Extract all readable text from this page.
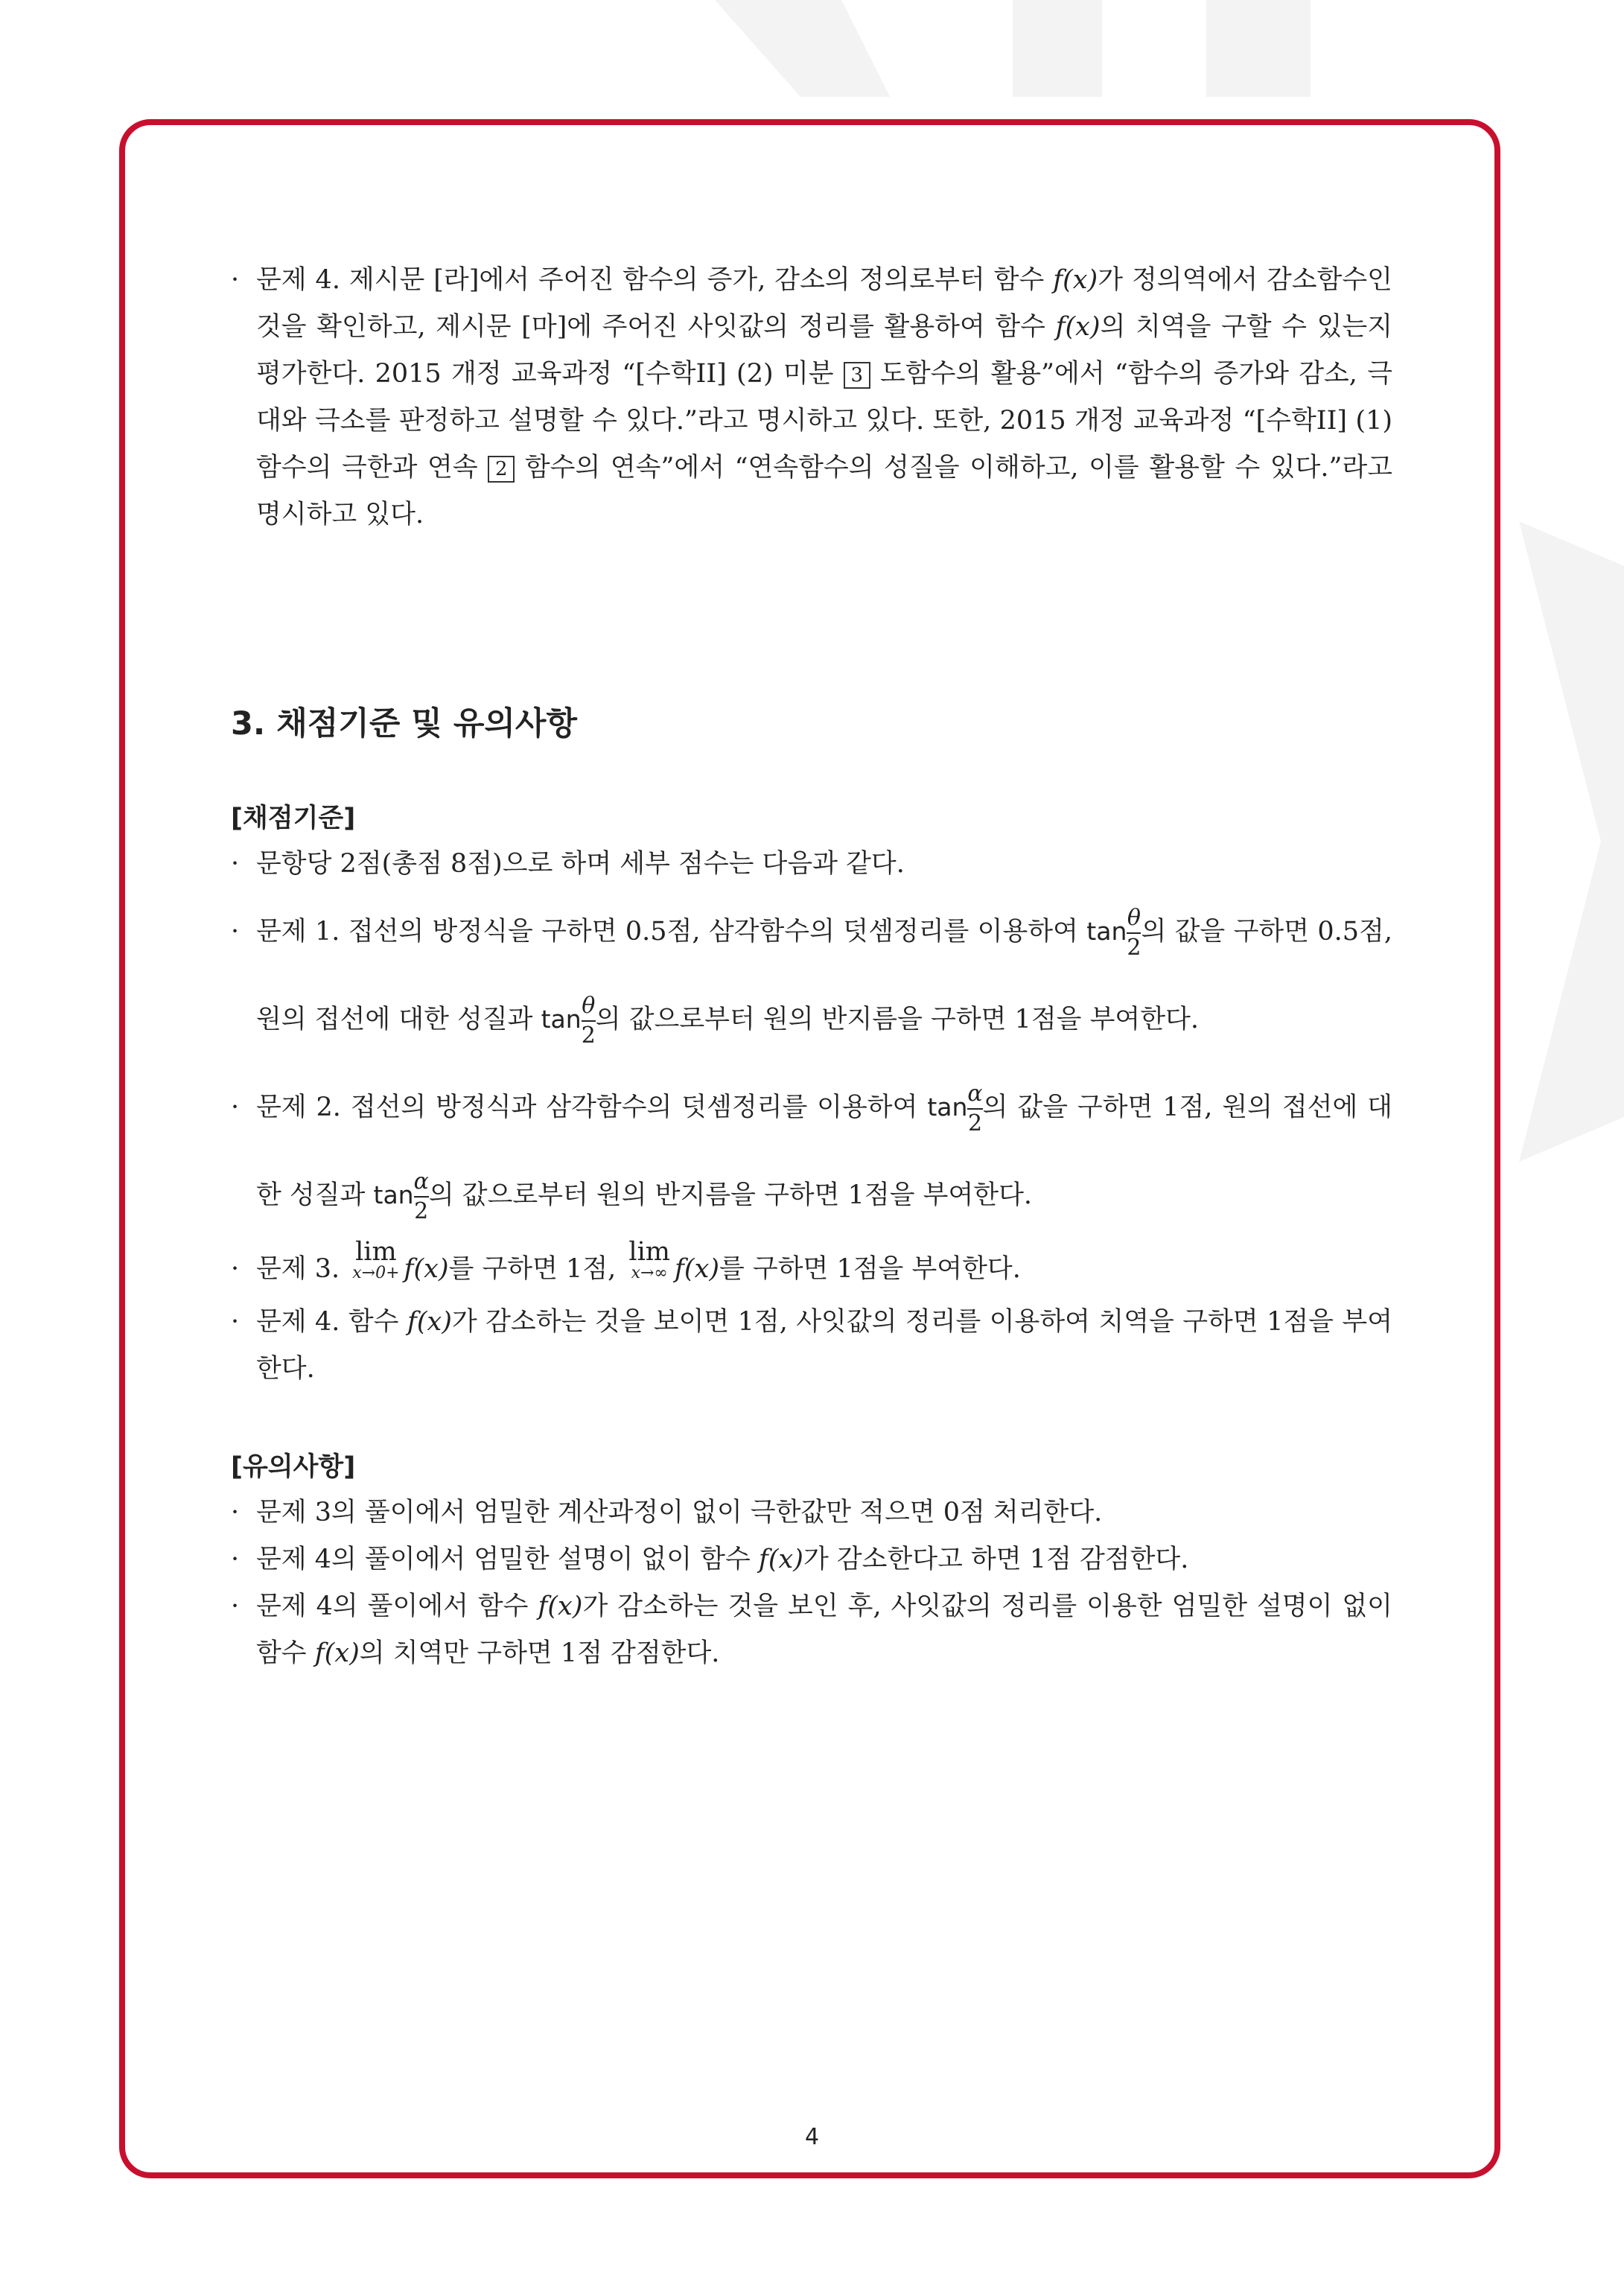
· 문제 4. 제시문 [라]에서 주어진 함수의 증가, 감소의 정의로부터 함수 f(x)가 정의역에서 감소함수인 것을 확인하고, 제시문 [마]에 주어진 사잇값의 정리를 활용하여 함수 f(x)의 치역을 구할 수 있는지 평가한다. 2015 개정 교육과정 “[수학II] (2) 미분 3 도함수의 활용”에서 “함수의 증가와 감소, 극대와 극소를 판정하고 설명할 수 있다.”라고 명시하고 있다. 또한, 2015 개정 교육과정 “[수학II] (1) 함수의 극한과 연속 2 함수의 연속”에서 “연속함수의 성질을 이해하고, 이를 활용할 수 있다.”라고 명시하고 있다.
3. 채점기준 및 유의사항
[채점기준]
· 문항당 2점(총점 8점)으로 하며 세부 점수는 다음과 같다.
· 문제 1. 접선의 방정식을 구하면 0.5점, 삼각함수의 덧셈정리를 이용하여 $\tan \frac{\theta}{2}$ 의 값을 구하면 0.5점, 원의 접선에 대한 성질과 $\tan \frac{\theta}{2}$ 의 값으로부터 원의 반지름을 구하면 1점을 부여한다.
· 문제 2. 접선의 방정식과 삼각함수의 덧셈정리를 이용하여 $\tan \frac{\alpha}{2}$ 의 값을 구하면 1점, 원의 접선에 대한 성질과 $\tan \frac{\alpha}{2}$ 의 값으로부터 원의 반지름을 구하면 1점을 부여한다.
· 문제 3.
lim
x→0+ f(x)를 구하면 1점,
lim
x→∞ f(x)를 구하면 1점을 부여한다.
· 문제 4. 함수 f(x)가 감소하는 것을 보이면 1점, 사잇값의 정리를 이용하여 치역을 구하면 1점을 부여한다.
[유의사항]
· 문제 3의 풀이에서 엄밀한 계산과정이 없이 극한값만 적으면 0점 처리한다.
· 문제 4의 풀이에서 엄밀한 설명이 없이 함수 f(x)가 감소한다고 하면 1점 감점한다.
· 문제 4의 풀이에서 함수 f(x)가 감소하는 것을 보인 후, 사잇값의 정리를 이용한 엄밀한 설명이 없이 함수 f(x)의 치역만 구하면 1점 감점한다.
4
